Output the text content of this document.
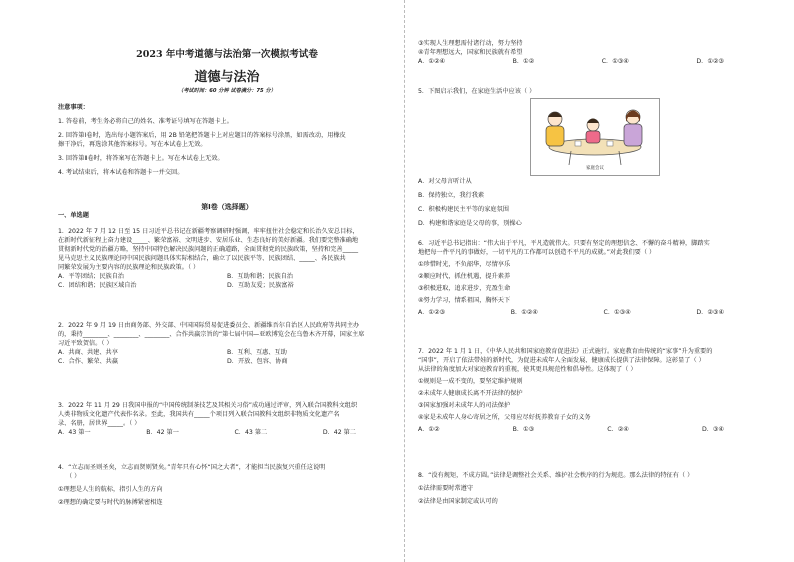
2023 年中考道德与法治第一次模拟考试卷
道德与法治
（考试时间：60 分钟 试卷满分：75 分）

注意事项：

1. 答卷前，考生务必将自己的姓名、准考证号填写在答题卡上。

2. 回答第Ⅰ卷时，选出每小题答案后，用 2B 铅笔把答题卡上对应题目的答案标号涂黑，如需改动，用橡皮

擦干净后，再选涂其他答案标号。写在本试卷上无效。

3. 回答第Ⅱ卷时，将答案写在答题卡上。写在本试卷上无效。

4. 考试结束后，将本试卷和答题卡一并交回。

第Ⅰ卷（选择题）

一、单选题

1．2022 年 7 月 12 日至 15 日习近平总书记在新疆考察调研时强调，牢牢扭住社会稳定和长治久安总目标，

在新时代新征程上奋力建设_____、繁荣富裕、文明进步、安居乐业、生态良好的美好新疆。我们要完整准确地

贯彻新时代党的治疆方略，坚持中国特色解决民族问题的正确道路，全面贯彻党的民族政策，坚持和完善_____

见马克思主义民族理论同中国民族问题具体实际相结合，确立了以民族平等、民族团结、_____、各民族共

同繁荣发展为主要内容的民族理论和民族政策。（ ）

A．平等团结；民族自治	B．互助和谐；民族自治
C．团结和谐；民族区域自治	D．互助友爱；民族富裕

2．2022 年 9 月 19 日由商务部、外交部、中国国际贸易促进委员会、新疆维吾尔自治区人民政府等共同主办

的，秉持________、________、________、合作共赢宗旨的“第七届中国—亚欧博览会在乌鲁木齐开幕，国家主席

习近平致贺信。（ ）

A．共商、共建、共享	B．互利、互惠、互助
C．合作、繁荣、共赢	D．开放、包容、协商

3．2022 年 11 月 29 日我国申报的“中国传统制茶技艺及其相关习俗”成功通过评审，列入联合国教科文组织

人类非物质文化遗产代表作名录。至此，我国共有_____个项目列入联合国教科文组织非物质文化遗产名

录、名册，居世界_____。（ ）

A．43 第一	B．42 第一	C．43 第二	D．42 第二

4．“立志而圣则圣矣，立志而贤则贤矣。”青年只有心怀“国之大者”，才能担当民族复兴重任这说明

（ ）

①理想是人生的航标，指引人生的方向

②理想的确定要与时代的脉搏紧密相连

③实现人生理想需付诸行动，努力坚持

④青年理想远大，国家和民族就有希望

A．①②④	B．①②	C．①③④	D．①②③

5．下图启示我们，在家庭生活中应该（ ）

家庭会议

A．对父母言听计从

B．保持独立，我行我素

C．积极构建民主平等的家庭氛围

D．构建和谐家庭是父母的事，别操心

6．习近平总书记指出：“伟大出于平凡，平凡造就伟大。只要有坚定的理想信念、不懈的奋斗精神，脚踏实

地把每一件平凡的事做好，一切平凡的工作都可以创造不平凡的成就。”对此我们要（ ）

①珍惜时光，不负韶华，尽情享乐

②顺应时代，抓住机遇，提升素养

③积极进取，追求进步，充盈生命

④努力学习，情系祖国，胸怀天下

A．①②③	B．①②④	C．①③④	D．②③④

7．2022 年 1 月 1 日，《中华人民共和国家庭教育促进法》正式施行。家庭教育由传统的“家事”升为重要的

“国事”，开启了依法带娃的新时代，为促进未成年人全面发展、健康成长提供了法律保障。这彰显了（ ）

从法律的角度加大对家庭教育的重视，使其更具规范性和倡导性。这体现了（ ）

①规则是一成不变的，要坚定维护规则

②未成年人健康成长离不开法律的保护

③国家加强对未成年人的司法保护

④家是未成年人身心寄居之所，父母应尽好抚养教育子女的义务

A．①②	B．①③	C．②④	D．③④

8．“没有规矩，不成方圆。”法律是调整社会关系、维护社会秩序的行为规范。那么法律的特征有（ ）

①法律需要时常遵守

②法律是由国家制定或认可的
